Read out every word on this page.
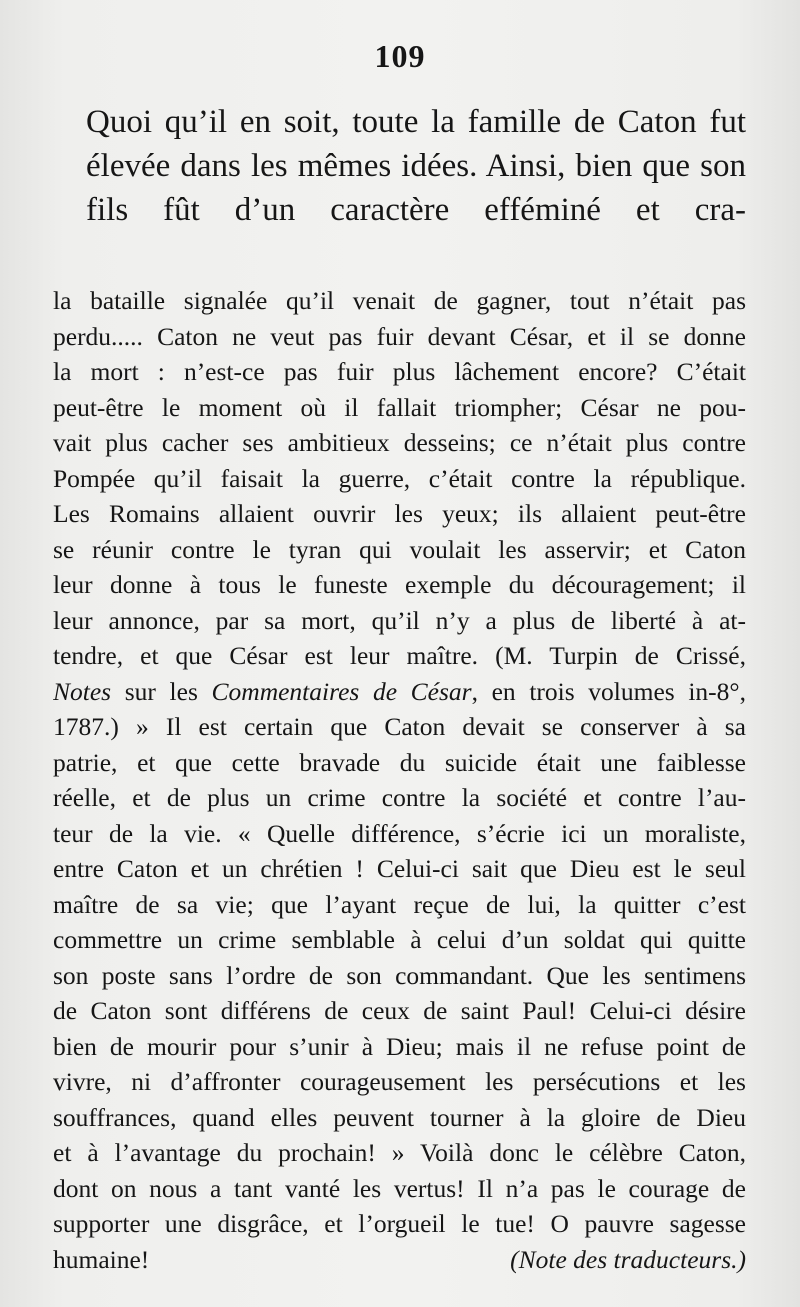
109
Quoi qu’il en soit, toute la famille de Caton fut élevée dans les mêmes idées. Ainsi, bien que son fils fût d’un caractère efféminé et cra-
la bataille signalée qu’il venait de gagner, tout n’était pas
perdu..... Caton ne veut pas fuir devant César, et il se donne
la mort : n’est-ce pas fuir plus lâchement encore? C’était
peut-être le moment où il fallait triompher; César ne pou-
vait plus cacher ses ambitieux desseins; ce n’était plus contre
Pompée qu’il faisait la guerre, c’était contre la république.
Les Romains allaient ouvrir les yeux; ils allaient peut-être
se réunir contre le tyran qui voulait les asservir; et Caton
leur donne à tous le funeste exemple du découragement; il
leur annonce, par sa mort, qu’il n’y a plus de liberté à at-
tendre, et que César est leur maître. (M. Turpin de Crissé,
Notes sur les Commentaires de César, en trois volumes in-8°,
1787.) » Il est certain que Caton devait se conserver à sa
patrie, et que cette bravade du suicide était une faiblesse
réelle, et de plus un crime contre la société et contre l’au-
teur de la vie. « Quelle différence, s’écrie ici un moraliste,
entre Caton et un chrétien ! Celui-ci sait que Dieu est le seul
maître de sa vie; que l’ayant reçue de lui, la quitter c’est
commettre un crime semblable à celui d’un soldat qui quitte
son poste sans l’ordre de son commandant. Que les sentimens
de Caton sont différens de ceux de saint Paul! Celui-ci désire
bien de mourir pour s’unir à Dieu; mais il ne refuse point de
vivre, ni d’affronter courageusement les persécutions et les
souffrances, quand elles peuvent tourner à la gloire de Dieu
et à l’avantage du prochain! » Voilà donc le célèbre Caton,
dont on nous a tant vanté les vertus! Il n’a pas le courage de
supporter une disgrâce, et l’orgueil le tue! O pauvre sagesse
humaine!	(Note des traducteurs.)
